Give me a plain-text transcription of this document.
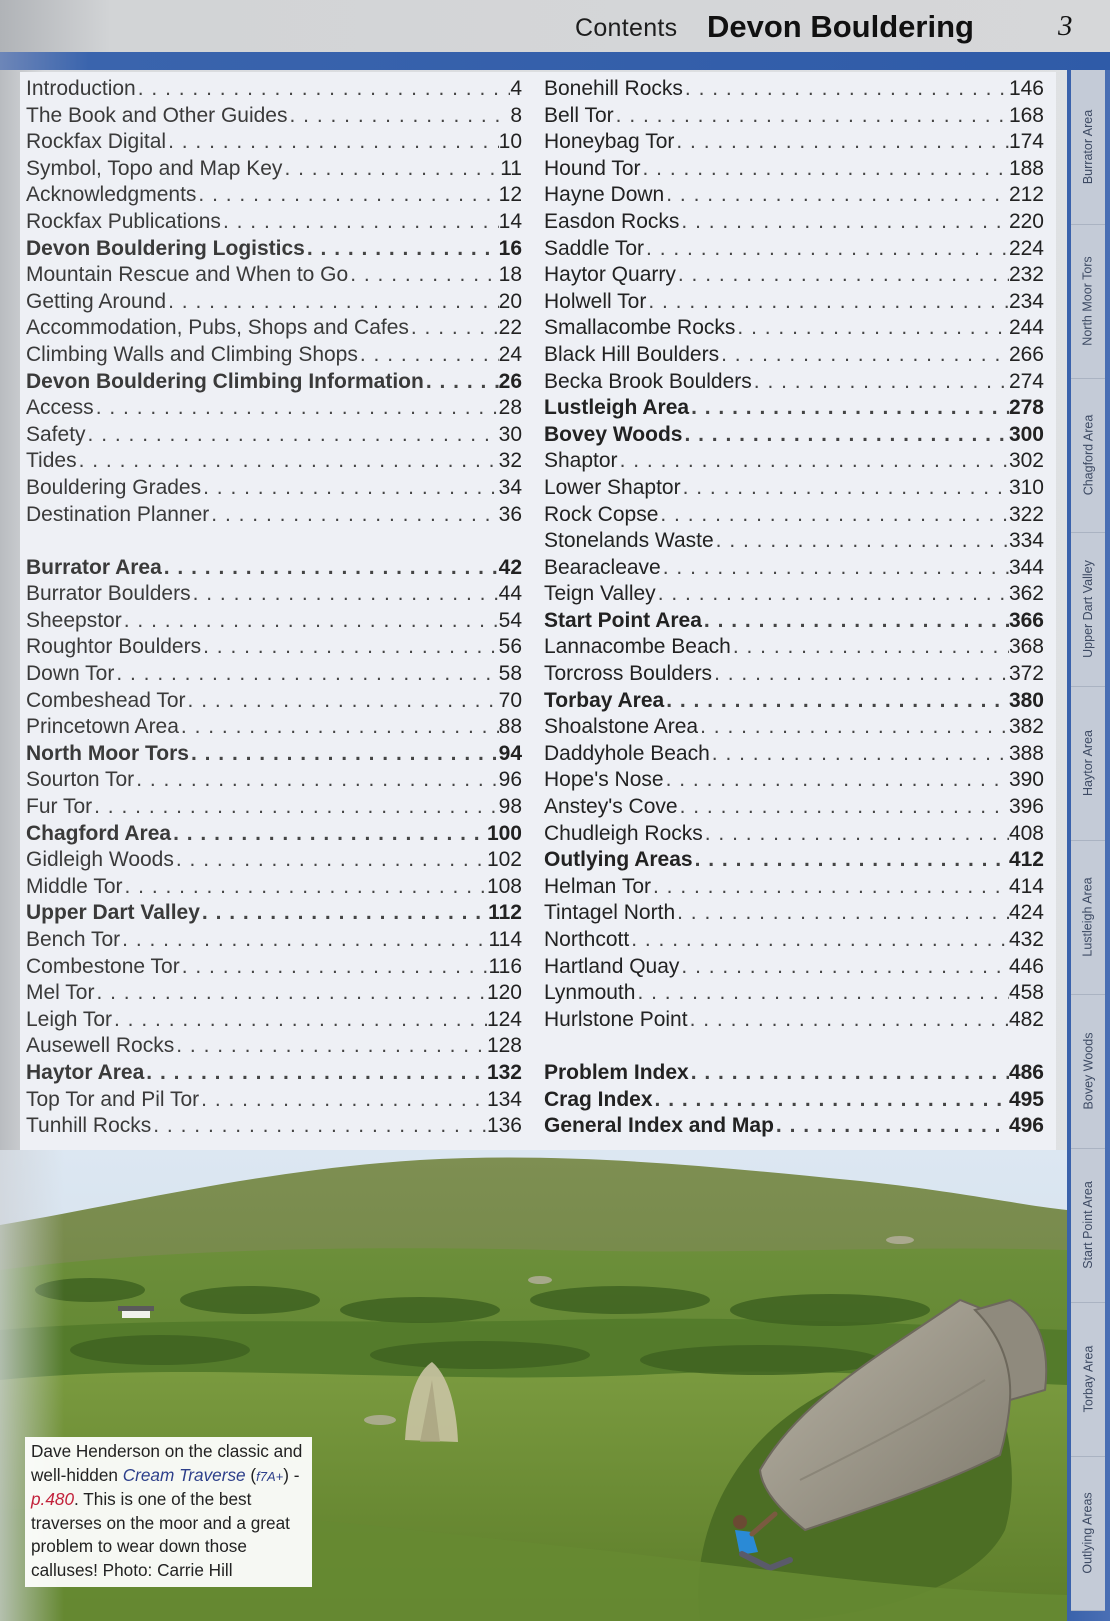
Contents Devon Bouldering	3
Burrator Area
North Moor Tors
Chagford Area
Upper Dart Valley
Haytor Area
Lustleigh Area
Bovey Woods
Start Point Area
Torbay Area
Outlying Areas
Introduction . . .	4
The Book and Other Guides . . .	8
Rockfax Digital . . .	10
Symbol, Topo and Map Key . . .	11
Acknowledgments . . .	12
Rockfax Publications . . .	14
Devon Bouldering Logistics . . .	16
Mountain Rescue and When to Go . . .	18
Getting Around . . .	20
Accommodation, Pubs, Shops and Cafes . . .	22
Climbing Walls and Climbing Shops . . .	24
Devon Bouldering Climbing Information . . .	26
Access . . .	28
Safety . . .	30
Tides . . .	32
Bouldering Grades . . .	34
Destination Planner . . .	36
Burrator Area . . .	42
Burrator Boulders . . .	44
Sheepstor . . .	54
Roughtor Boulders . . .	56
Down Tor . . .	58
Combeshead Tor . . .	70
Princetown Area . . .	88
North Moor Tors . . .	94
Sourton Tor . . .	96
Fur Tor . . .	98
Chagford Area . . .	100
Gidleigh Woods . . .	102
Middle Tor . . .	108
Upper Dart Valley . . .	112
Bench Tor . . .	114
Combestone Tor . . .	116
Mel Tor . . .	120
Leigh Tor . . .	124
Ausewell Rocks . . .	128
Haytor Area . . .	132
Top Tor and Pil Tor . . .	134
Tunhill Rocks . . .	136
Bonehill Rocks . . .	146
Bell Tor . . .	168
Honeybag Tor . . .	174
Hound Tor . . .	188
Hayne Down . . .	212
Easdon Rocks . . .	220
Saddle Tor . . .	224
Haytor Quarry . . .	232
Holwell Tor . . .	234
Smallacombe Rocks . . .	244
Black Hill Boulders . . .	266
Becka Brook Boulders . . .	274
Lustleigh Area . . .	278
Bovey Woods . . .	300
Shaptor . . .	302
Lower Shaptor . . .	310
Rock Copse . . .	322
Stonelands Waste . . .	334
Bearacleave . . .	344
Teign Valley . . .	362
Start Point Area . . .	366
Lannacombe Beach . . .	368
Torcross Boulders . . .	372
Torbay Area . . .	380
Shoalstone Area . . .	382
Daddyhole Beach . . .	388
Hope's Nose . . .	390
Anstey's Cove . . .	396
Chudleigh Rocks . . .	408
Outlying Areas . . .	412
Helman Tor . . .	414
Tintagel North . . .	424
Northcott . . .	432
Hartland Quay . . .	446
Lynmouth . . .	458
Hurlstone Point . . .	482
Problem Index . . .	486
Crag Index . . .	495
General Index and Map . . .	496
Dave Henderson on the classic and well-hidden Cream Traverse (f7A+) - p.480. This is one of the best traverses on the moor and a great problem to wear down those calluses! Photo: Carrie Hill
